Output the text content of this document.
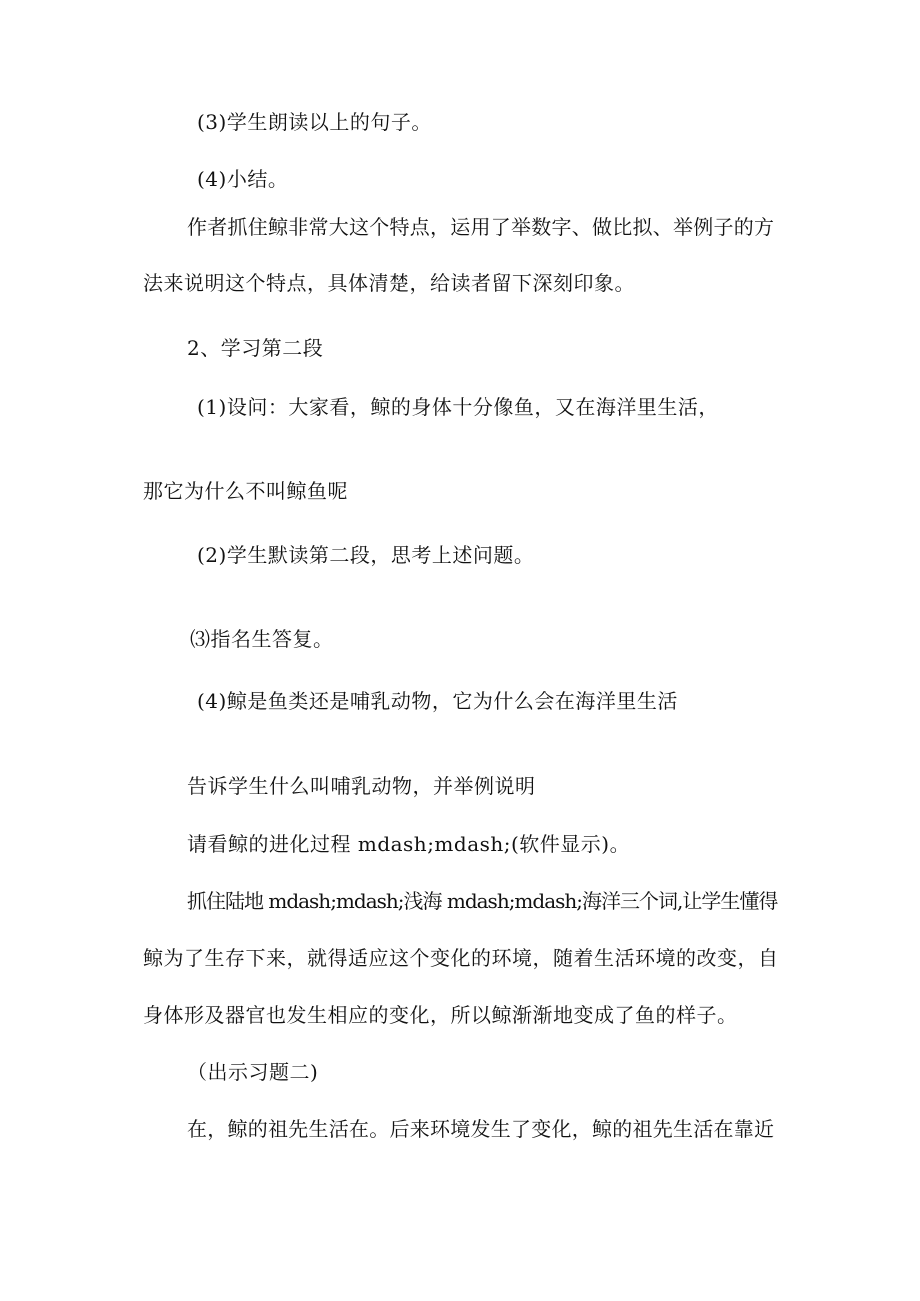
(3)学生朗读以上的句子。
(4)小结。
作者抓住鲸非常大这个特点，运用了举数字、做比拟、举例子的方
法来说明这个特点，具体清楚，给读者留下深刻印象。
2、学习第二段
(1)设问：大家看，鲸的身体十分像鱼，又在海洋里生活，
那它为什么不叫鲸鱼呢
(2)学生默读第二段，思考上述问题。
⑶指名生答复。
(4)鲸是鱼类还是哺乳动物，它为什么会在海洋里生活
告诉学生什么叫哺乳动物，并举例说明
请看鲸的进化过程 mdash;mdash;(软件显示)。
抓住陆地 mdash;mdash;浅海 mdash;mdash;海洋三个词,让学生懂得
鲸为了生存下来，就得适应这个变化的环境，随着生活环境的改变，自
身体形及器官也发生相应的变化，所以鲸渐渐地变成了鱼的样子。
（出示习题二)
在，鲸的祖先生活在。后来环境发生了变化，鲸的祖先生活在靠近
